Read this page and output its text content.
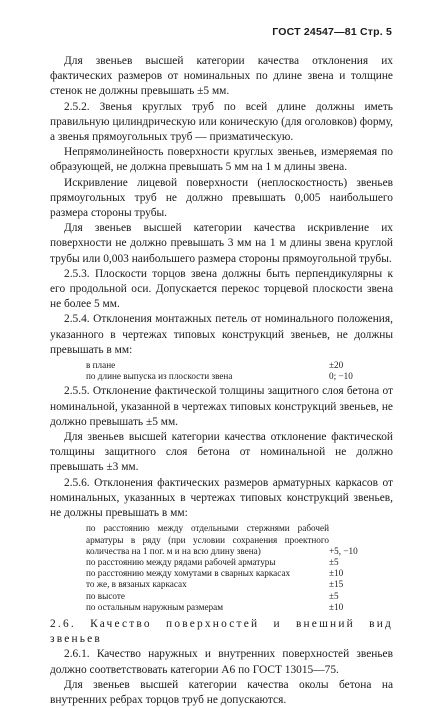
ГОСТ 24547—81 Стр. 5

Для звеньев высшей категории качества отклонения их фактических размеров от номинальных по длине звена и толщине стенок не должны превышать ±5 мм.

2.5.2. Звенья круглых труб по всей длине должны иметь правильную цилиндрическую или коническую (для оголовков) форму, а звенья прямоугольных труб — призматическую.

Непрямолинейность поверхности круглых звеньев, измеряемая по образующей, не должна превышать 5 мм на 1 м длины звена.

Искривление лицевой поверхности (неплоскостность) звеньев прямоугольных труб не должно превышать 0,005 наибольшего размера стороны трубы.

Для звеньев высшей категории качества искривление их поверхности не должно превышать 3 мм на 1 м длины звена круглой трубы или 0,003 наибольшего размера стороны прямоугольной трубы.

2.5.3. Плоскости торцов звена должны быть перпендикулярны к его продольной оси. Допускается перекос торцевой плоскости звена не более 5 мм.

2.5.4. Отклонения монтажных петель от номинального положения, указанного в чертежах типовых конструкций звеньев, не должны превышать в мм:

в плане	±20
по длине выпуска из плоскости звена	0; −10

2.5.5. Отклонение фактической толщины защитного слоя бетона от номинальной, указанной в чертежах типовых конструкций звеньев, не должно превышать ±5 мм.

Для звеньев высшей категории качества отклонение фактической толщины защитного слоя бетона от номинальной не должно превышать ±3 мм.

2.5.6. Отклонения фактических размеров арматурных каркасов от номинальных, указанных в чертежах типовых конструкций звеньев, не должны превышать в мм:

по расстоянию между отдельными стержнями рабочей арматуры в ряду (при условии сохранения проектного количества на 1 пог. м и на всю длину звена)	+5, −10
по расстоянию между рядами рабочей арматуры	±5
по расстоянию между хомутами в сварных каркасах	±10
то же, в вязаных каркасах	±15
по высоте	±5
по остальным наружным размерам	±10

2.6. Качество поверхностей и внешний вид звеньев

2.6.1. Качество наружных и внутренних поверхностей звеньев должно соответствовать категории А6 по ГОСТ 13015—75.

Для звеньев высшей категории качества околы бетона на внутренних ребрах торцов труб не допускаются.
